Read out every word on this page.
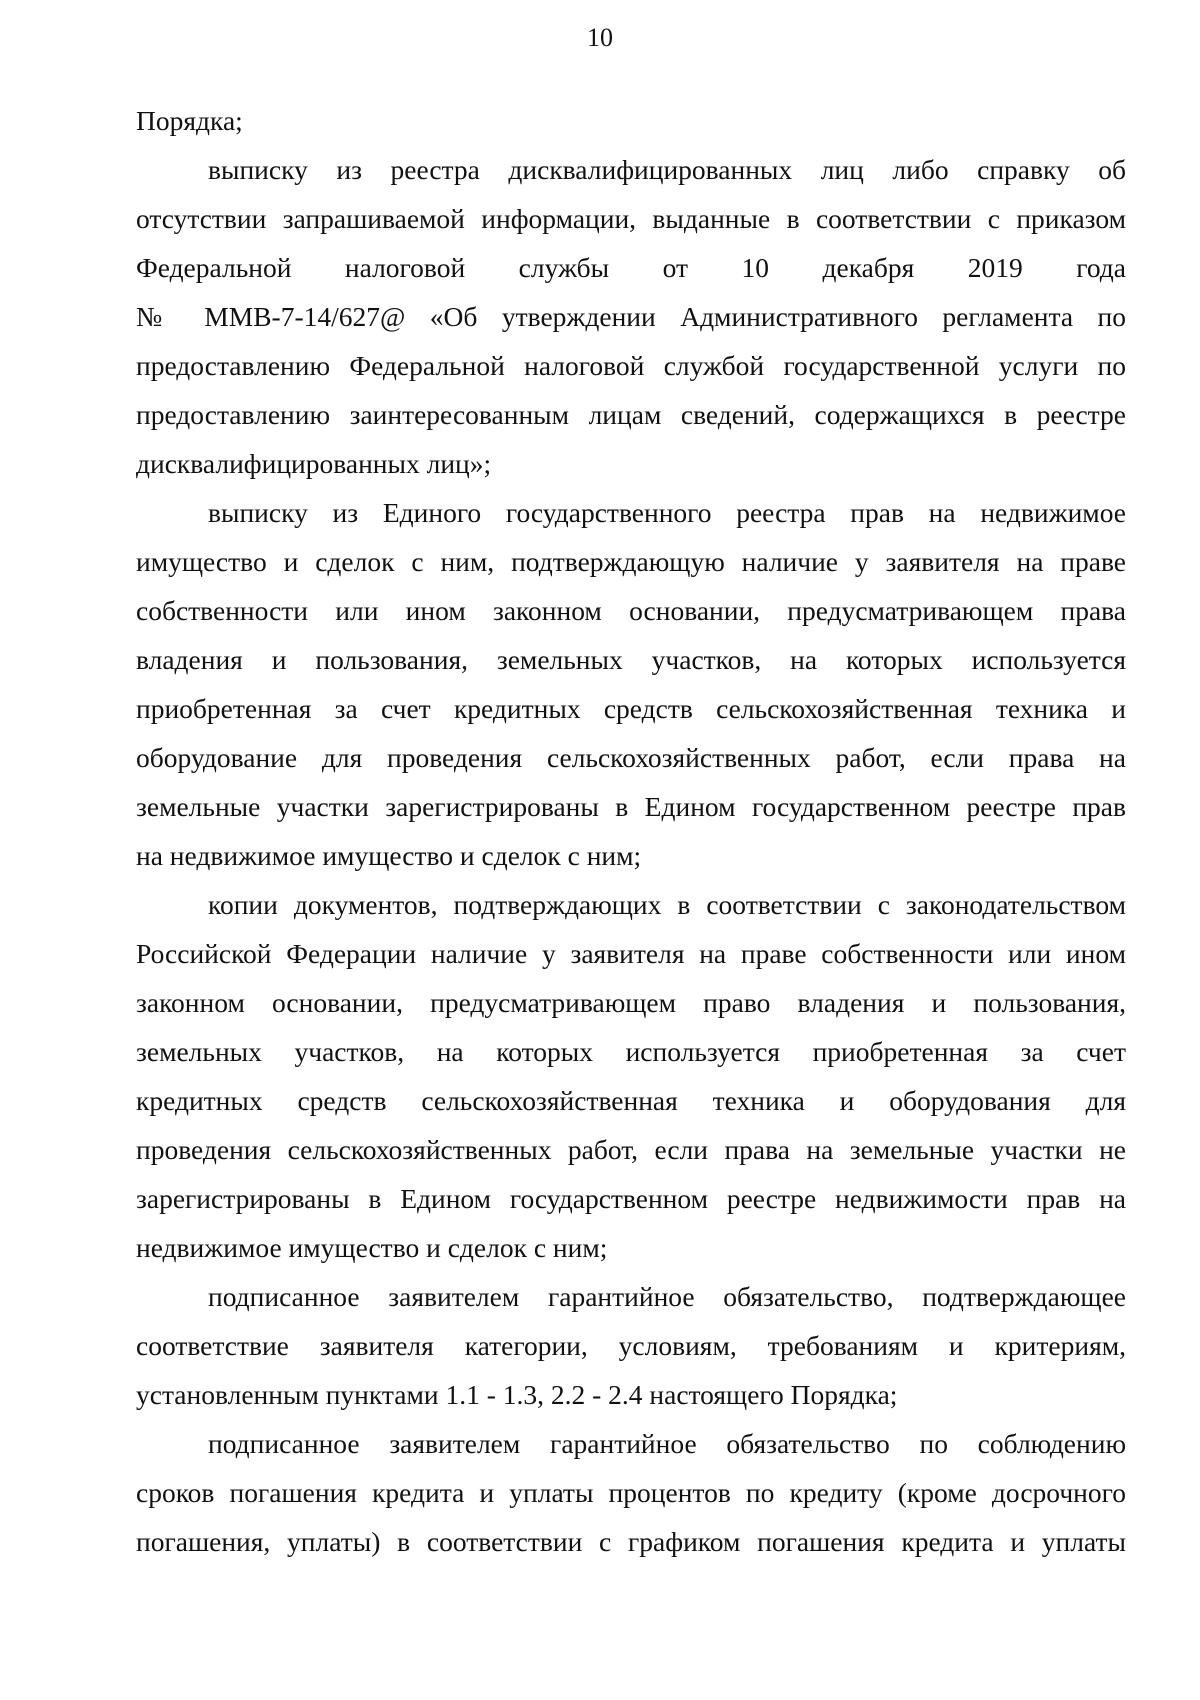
10
Порядка;
выписку из реестра дисквалифицированных лиц либо справку об
отсутствии запрашиваемой информации, выданные в соответствии с приказом
Федеральной налоговой службы от 10 декабря 2019 года
№ ММВ-7-14/627@ «Об утверждении Административного регламента по
предоставлению Федеральной налоговой службой государственной услуги по
предоставлению заинтересованным лицам сведений, содержащихся в реестре
дисквалифицированных лиц»;
выписку из Единого государственного реестра прав на недвижимое
имущество и сделок с ним, подтверждающую наличие у заявителя на праве
собственности или ином законном основании, предусматривающем права
владения и пользования, земельных участков, на которых используется
приобретенная за счет кредитных средств сельскохозяйственная техника и
оборудование для проведения сельскохозяйственных работ, если права на
земельные участки зарегистрированы в Едином государственном реестре прав
на недвижимое имущество и сделок с ним;
копии документов, подтверждающих в соответствии с законодательством
Российской Федерации наличие у заявителя на праве собственности или ином
законном основании, предусматривающем право владения и пользования,
земельных участков, на которых используется приобретенная за счет
кредитных средств сельскохозяйственная техника и оборудования для
проведения сельскохозяйственных работ, если права на земельные участки не
зарегистрированы в Едином государственном реестре недвижимости прав на
недвижимое имущество и сделок с ним;
подписанное заявителем гарантийное обязательство, подтверждающее
соответствие заявителя категории, условиям, требованиям и критериям,
установленным пунктами 1.1 - 1.3, 2.2 - 2.4 настоящего Порядка;
подписанное заявителем гарантийное обязательство по соблюдению
сроков погашения кредита и уплаты процентов по кредиту (кроме досрочного
погашения, уплаты) в соответствии с графиком погашения кредита и уплаты
